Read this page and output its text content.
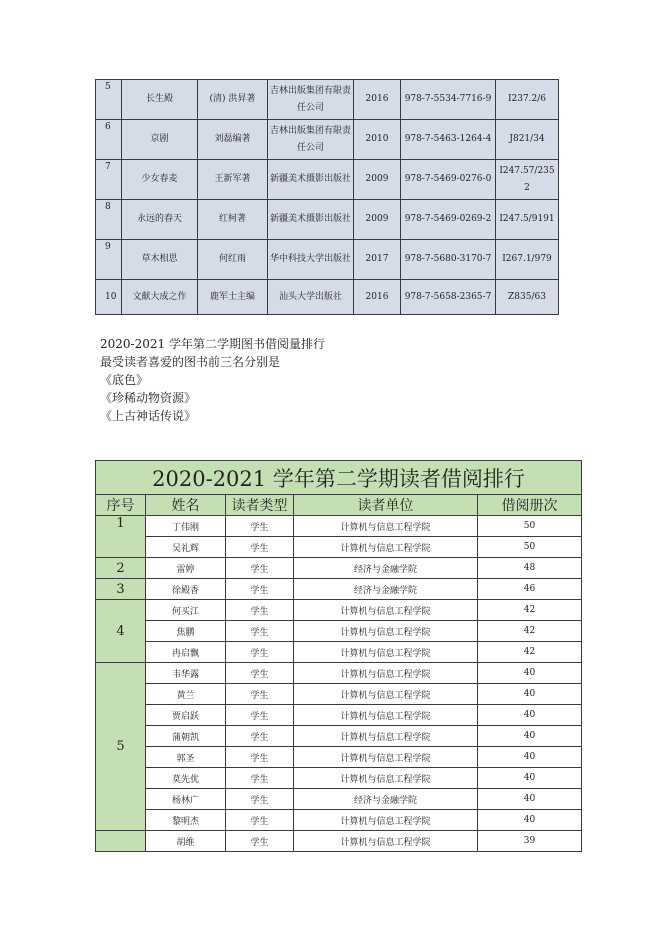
5	长生殿	(清) 洪昇著	吉林出版集团有限责任公司	2016	978-7-5534-7716-9	I237.2/6
6	京剧	刘磊编著	吉林出版集团有限责任公司	2010	978-7-5463-1264-4	J821/34
7	少女春麦	王新军著	新疆美术摄影出版社	2009	978-7-5469-0276-0	I247.57/2352
8	永远的春天	红柯著	新疆美术摄影出版社	2009	978-7-5469-0269-2	I247.5/9191
9	草木相思	何红雨	华中科技大学出版社	2017	978-7-5680-3170-7	I267.1/979
10	文献大成之作	鹿军士主编	汕头大学出版社	2016	978-7-5658-2365-7	Z835/63
2020-2021 学年第二学期图书借阅量排行
最受读者喜爱的图书前三名分别是
《底色》
《珍稀动物资源》
《上古神话传说》
2020-2021 学年第二学期读者借阅排行				
序号	姓名	读者类型	读者单位	借阅册次
1	丁伟刚	学生	计算机与信息工程学院	50
	吴礼辉	学生	计算机与信息工程学院	50
2	雷婷	学生	经济与金融学院	48
3	徐殿香	学生	经济与金融学院	46
4	何买江	学生	计算机与信息工程学院	42
	焦鹏	学生	计算机与信息工程学院	42
	冉启飘	学生	计算机与信息工程学院	42
5	韦华露	学生	计算机与信息工程学院	40
	黄兰	学生	计算机与信息工程学院	40
	贾启跃	学生	计算机与信息工程学院	40
	蒲朝凯	学生	计算机与信息工程学院	40
	郭圣	学生	计算机与信息工程学院	40
	莫先优	学生	计算机与信息工程学院	40
	杨林广	学生	经济与金融学院	40
	黎明杰	学生	计算机与信息工程学院	40
	胡维	学生	计算机与信息工程学院	39
